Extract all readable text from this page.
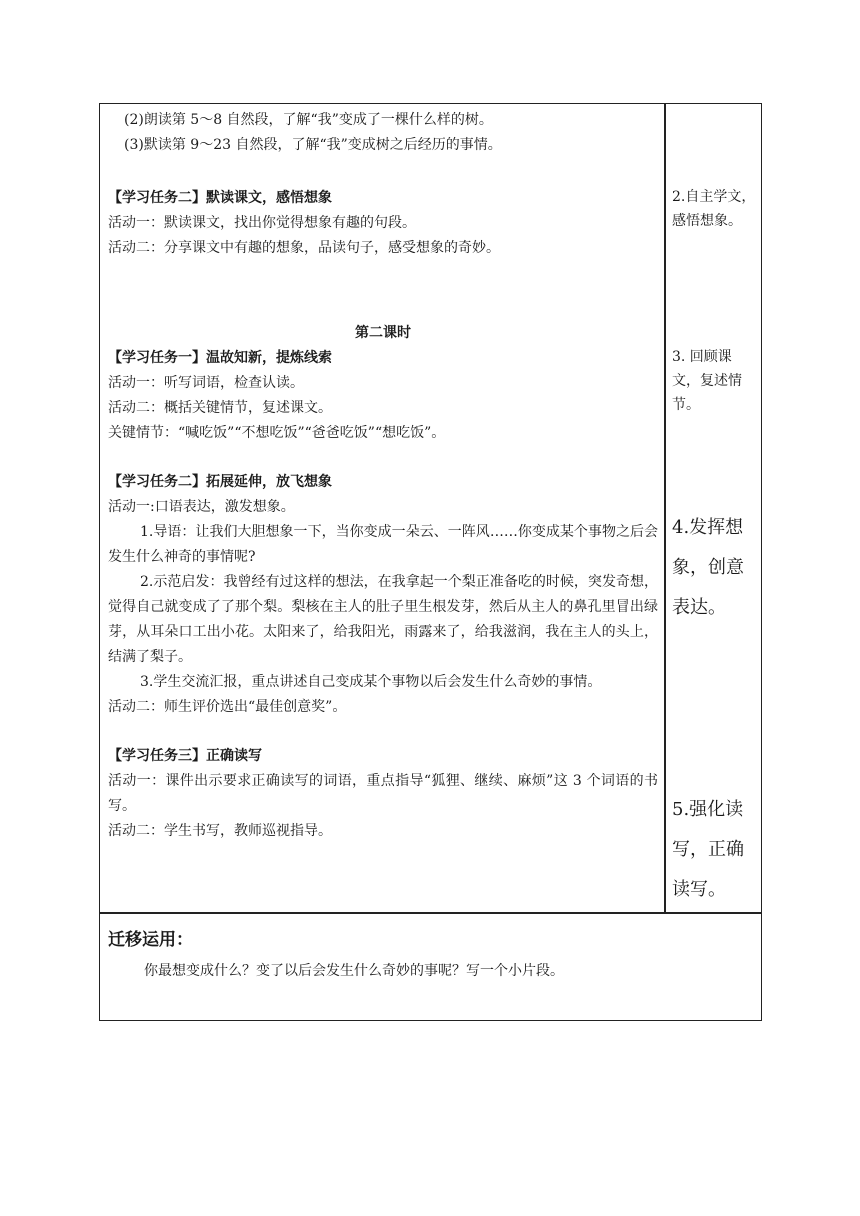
(2)朗读第 5～8 自然段，了解“我”变成了一棵什么样的树。
(3)默读第 9～23 自然段，了解“我”变成树之后经历的事情。
【学习任务二】默读课文，感悟想象
活动一：默读课文，找出你觉得想象有趣的句段。
活动二：分享课文中有趣的想象，品读句子，感受想象的奇妙。
第二课时
【学习任务一】温故知新，提炼线索
活动一：听写词语，检查认读。
活动二：概括关键情节，复述课文。
关键情节：“喊吃饭”“不想吃饭”“爸爸吃饭”“想吃饭”。
【学习任务二】拓展延伸，放飞想象
活动一:口语表达，激发想象。
1.导语：让我们大胆想象一下，当你变成一朵云、一阵风……你变成某个事物之后会发生什么神奇的事情呢?
2.示范启发：我曾经有过这样的想法，在我拿起一个梨正准备吃的时候，突发奇想，觉得自己就变成了了那个梨。梨核在主人的肚子里生根发芽，然后从主人的鼻孔里冒出绿芽，从耳朵口工出小花。太阳来了，给我阳光，雨露来了，给我滋润，我在主人的头上，结满了梨子。
3.学生交流汇报，重点讲述自己变成某个事物以后会发生什么奇妙的事情。
活动二：师生评价选出“最佳创意奖”。
【学习任务三】正确读写
活动一：课件出示要求正确读写的词语，重点指导“狐狸、继续、麻烦”这 3 个词语的书写。
活动二：学生书写，教师巡视指导。
2.自主学文，感悟想象。
3. 回顾课文，复述情节。
4.发挥想象，创意表达。
5.强化读写，正确读写。
迁移运用：
你最想变成什么？变了以后会发生什么奇妙的事呢？写一个小片段。
